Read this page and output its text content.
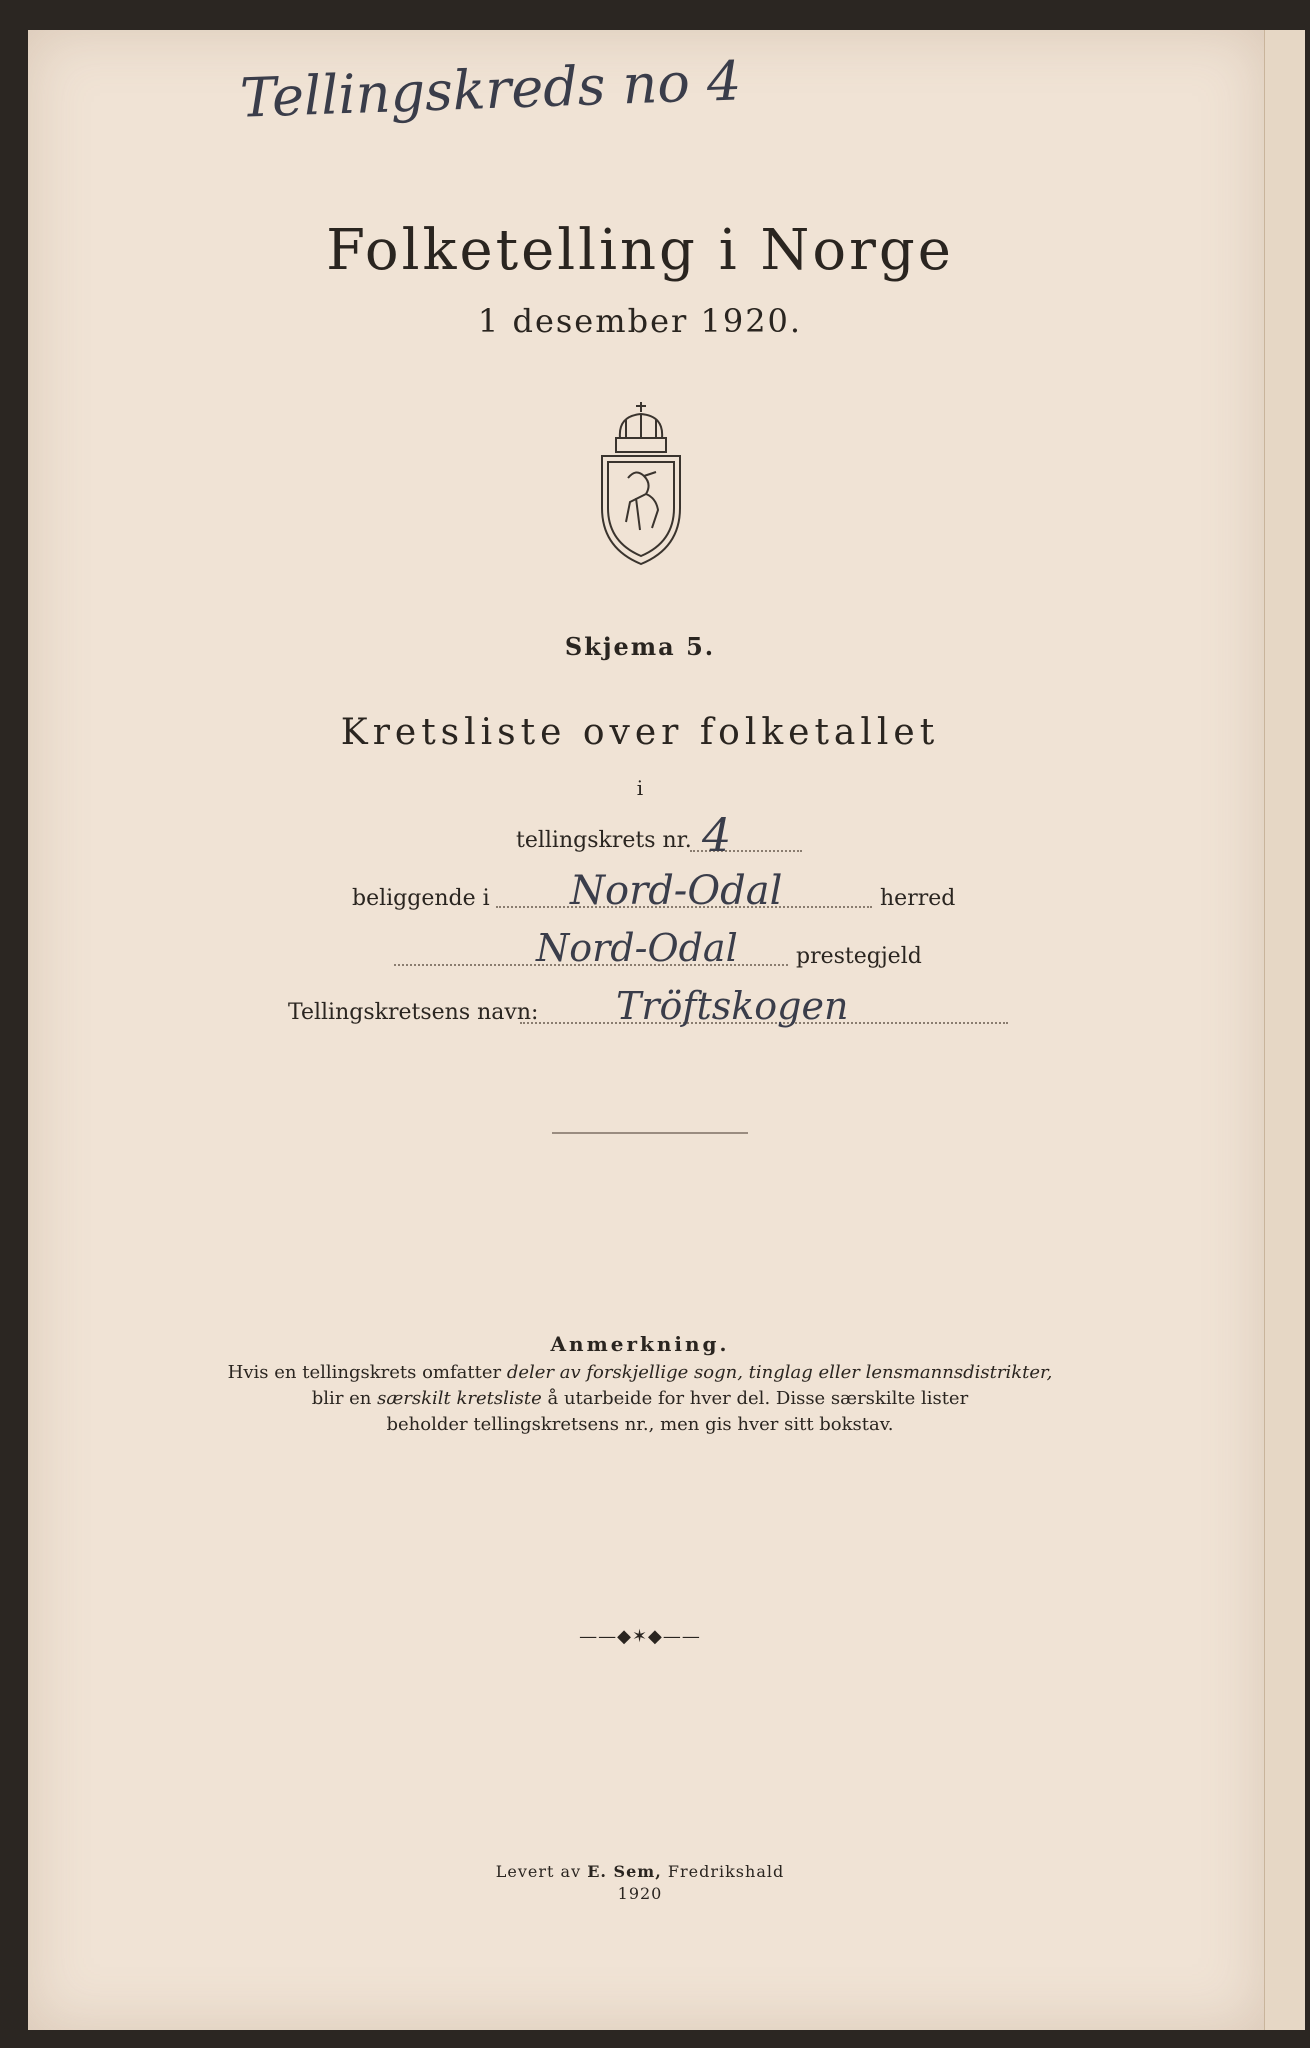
Tellingskreds no 4
Folketelling i Norge
1 desember 1920.
Skjema 5.
Kretsliste over folketallet
i
tellingskrets nr. 4
beliggende i Nord-Odal	herred
Nord-Odal	prestegjeld
Tellingskretsens navn: Tröftskogen
Anmerkning.
Hvis en tellingskrets omfatter deler av forskjellige sogn, tinglag eller lensmannsdistrikter,
blir en særskilt kretsliste å utarbeide for hver del. Disse særskilte lister
beholder tellingskretsens nr., men gis hver sitt bokstav.
——◆✶◆——
Levert av E. Sem, Fredrikshald
1920
